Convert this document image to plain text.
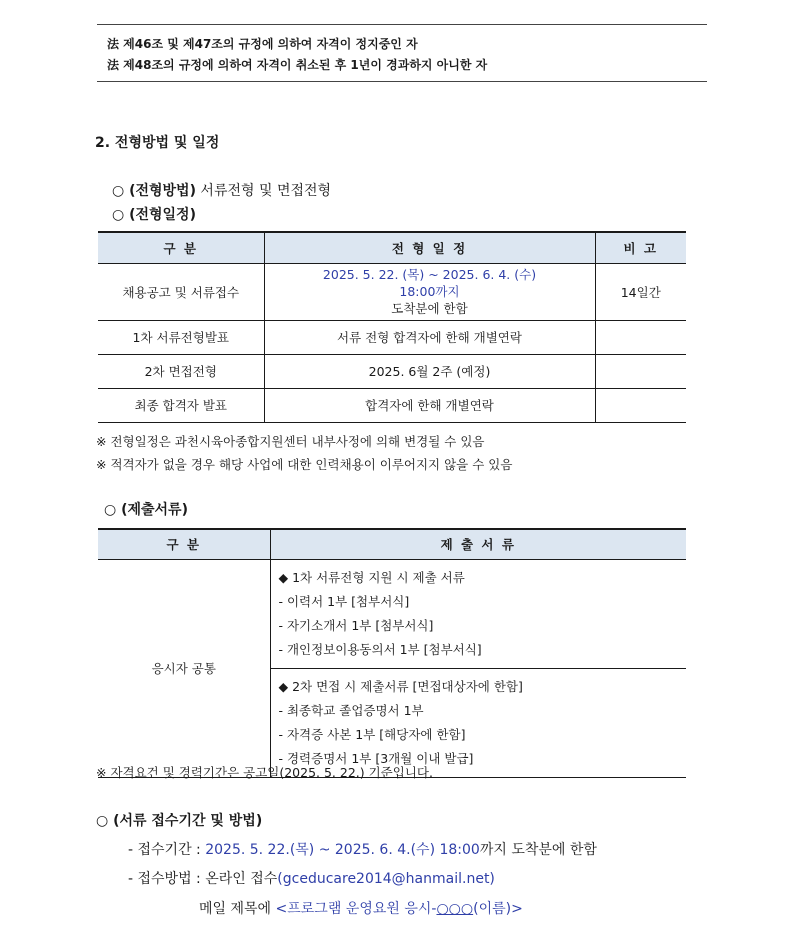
法 제46조 및 제47조의 규정에 의하여 자격이 정지중인 자
法 제48조의 규정에 의하여 자격이 취소된 후 1년이 경과하지 아니한 자
2. 전형방법 및 일정
○ (전형방법) 서류전형 및 면접전형
○ (전형일정)
구 분	전 형 일 정	비 고
채용공고 및 서류접수	2025. 5. 22. (목) ~ 2025. 6. 4. (수)
18:00까지
도착분에 한함	14일간
1차 서류전형발표	서류 전형 합격자에 한해 개별연락	
2차 면접전형	2025. 6월 2주 (예정)	
최종 합격자 발표	합격자에 한해 개별연락	
※ 전형일정은 과천시육아종합지원센터 내부사정에 의해 변경될 수 있음
※ 적격자가 없을 경우 해당 사업에 대한 인력채용이 이루어지지 않을 수 있음
○ (제출서류)
구 분	제 출 서 류
응시자 공통	◆ 1차 서류전형 지원 시 제출 서류
- 이력서 1부 [첨부서식]
- 자기소개서 1부 [첨부서식]
- 개인정보이용동의서 1부 [첨부서식]

	◆ 2차 면접 시 제출서류 [면접대상자에 한함]
- 최종학교 졸업증명서 1부
- 자격증 사본 1부 [해당자에 한함]
- 경력증명서 1부 [3개월 이내 발급]
※ 자격요건 및 경력기간은 공고일(2025. 5. 22.) 기준입니다.
○ (서류 접수기간 및 방법)
- 접수기간 : 2025. 5. 22.(목) ~ 2025. 6. 4.(수) 18:00까지 도착분에 한함
- 접수방법 : 온라인 접수(gceducare2014@hanmail.net)
메일 제목에 <프로그램 운영요원 응시-○○○(이름)>
